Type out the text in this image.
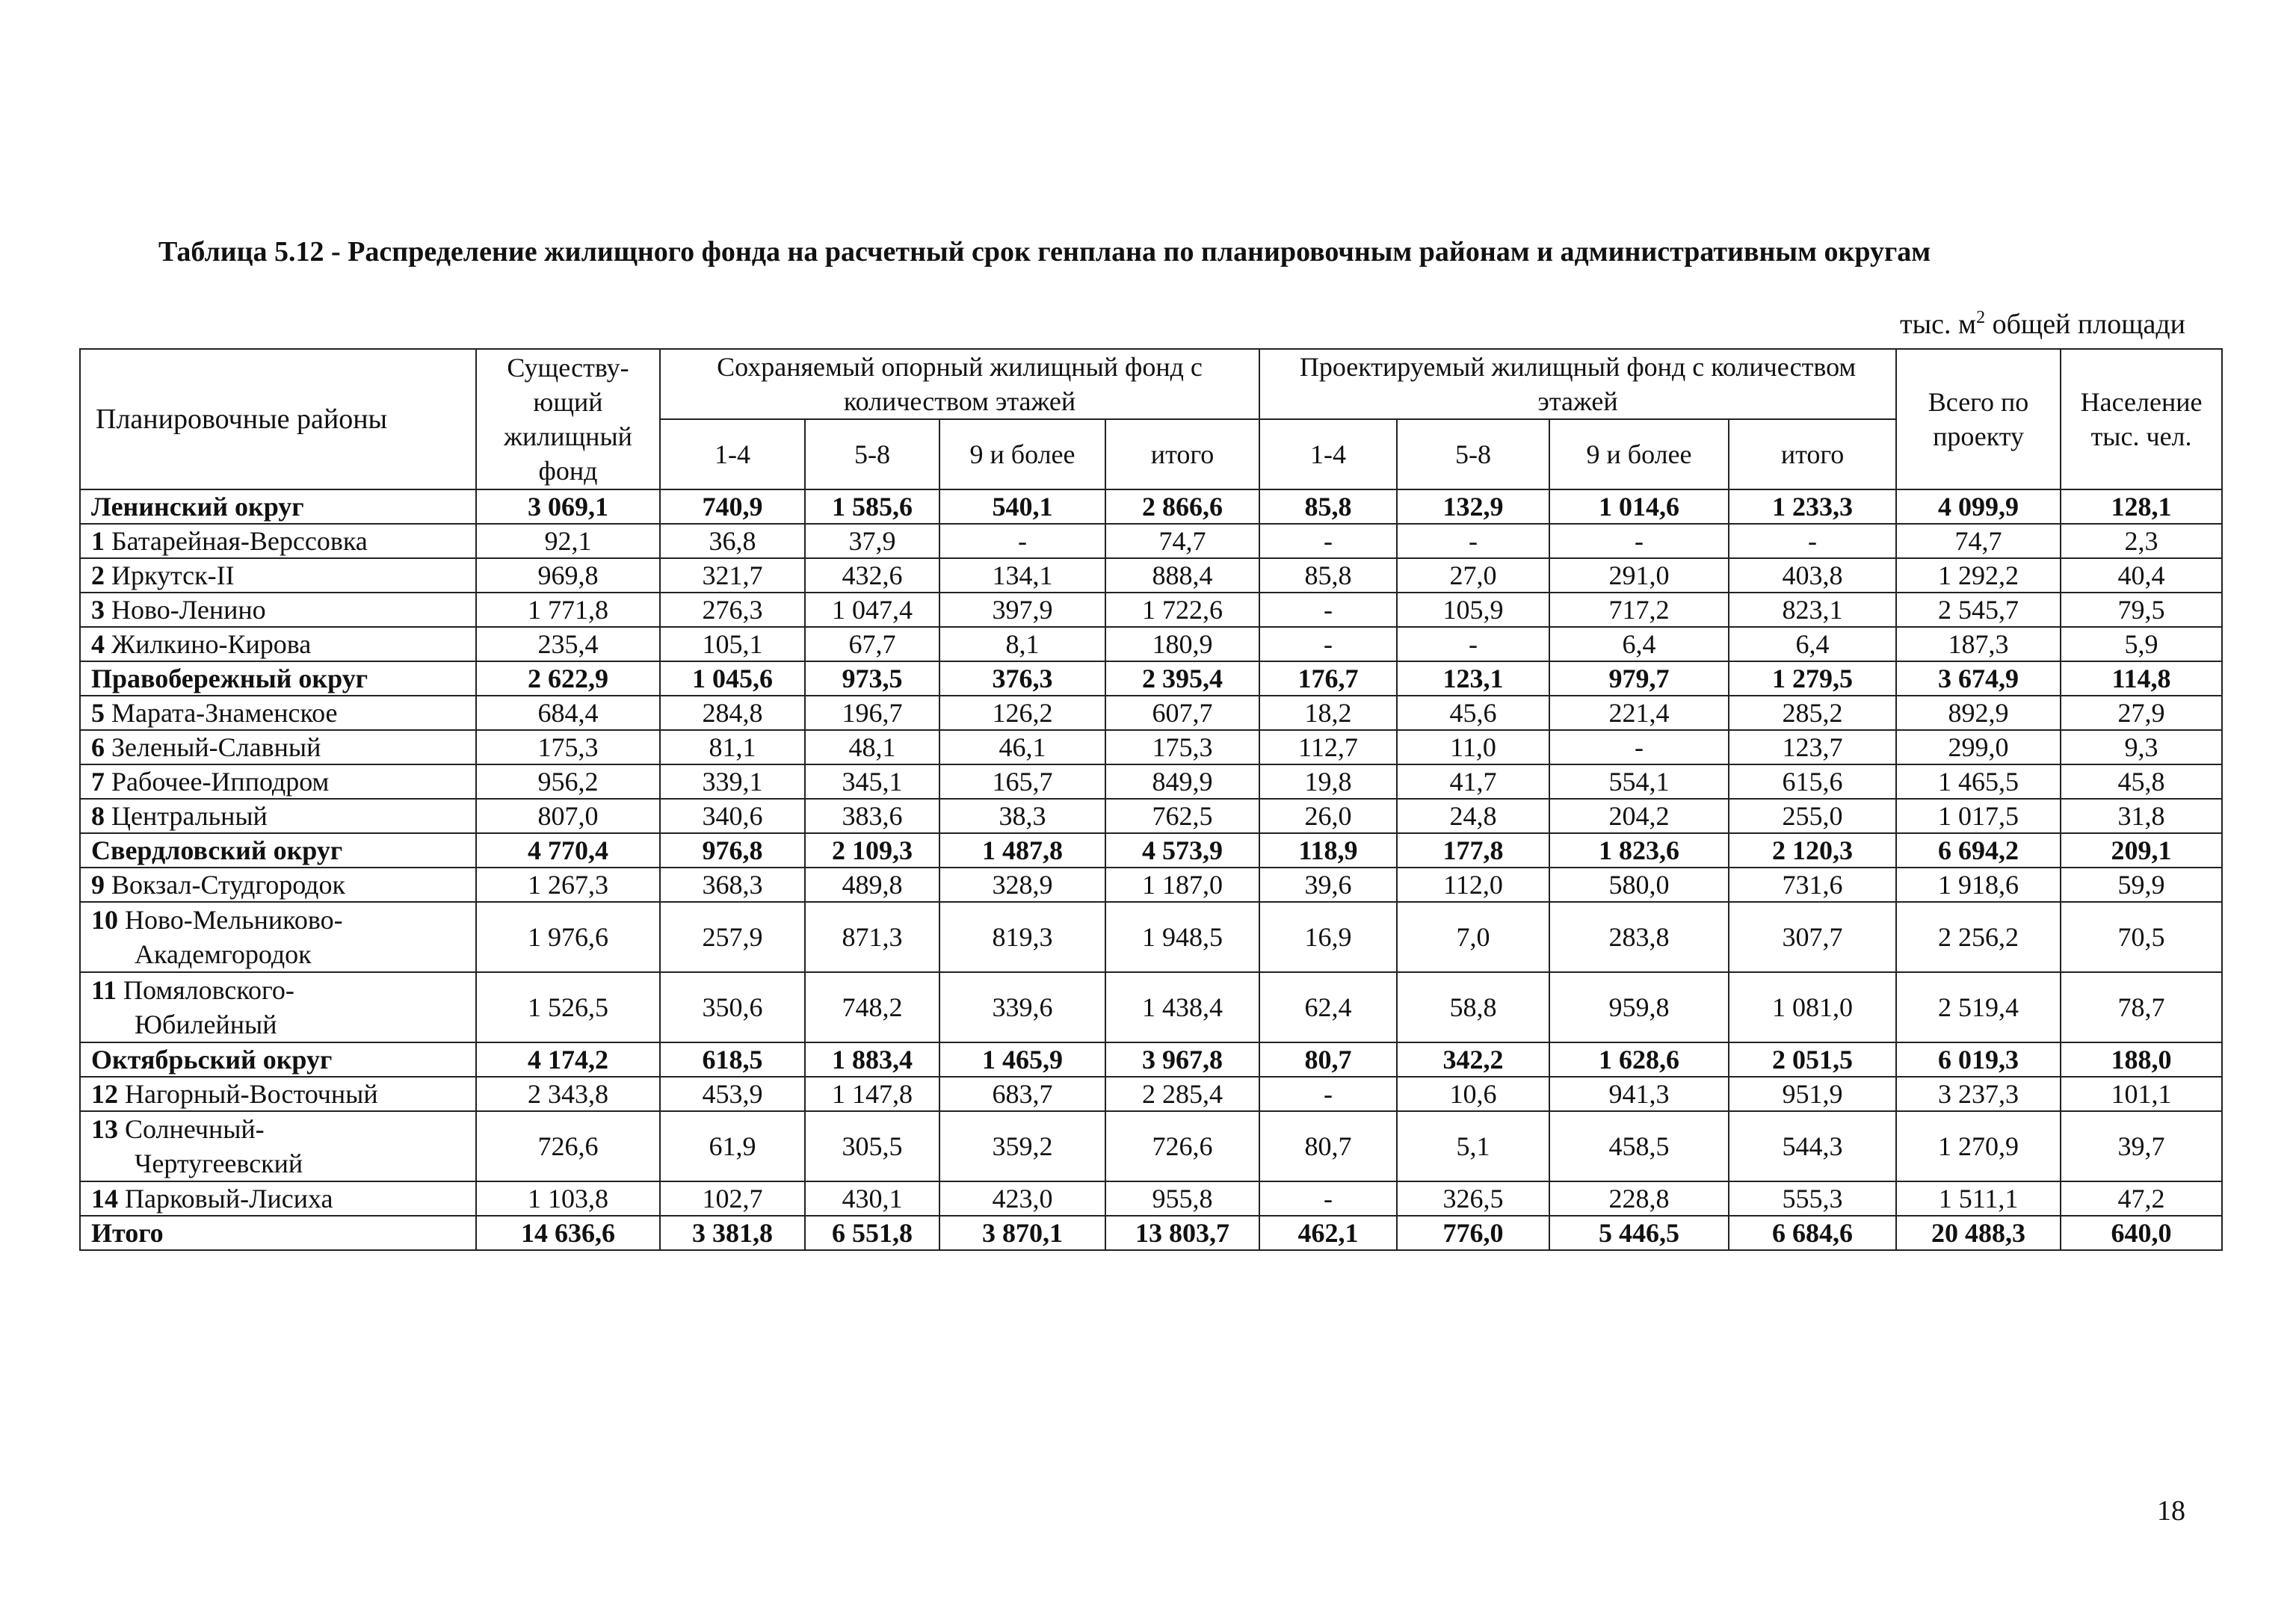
Таблица 5.12 - Распределение жилищного фонда на расчетный срок генплана по планировочным районам и административным округам
тыс. $м^2$ общей площади
Планировочные районы	Существу-ющий жилищный фонд	Сохраняемый опорный жилищный фонд с количеством этажей				Проектируемый жилищный фонд с количеством этажей				Всего по проекту	Население тыс. чел.
		1-4	5-8	9 и более	итого	1-4	5-8	9 и более	итого		
Ленинский округ	3 069,1	740,9	1 585,6	540,1	2 866,6	85,8	132,9	1 014,6	1 233,3	4 099,9	128,1
1 Батарейная-Верссовка	92,1	36,8	37,9	-	74,7	-	-	-	-	74,7	2,3
2 Иркутск-II	969,8	321,7	432,6	134,1	888,4	85,8	27,0	291,0	403,8	1 292,2	40,4
3 Ново-Ленино	1 771,8	276,3	1 047,4	397,9	1 722,6	-	105,9	717,2	823,1	2 545,7	79,5
4 Жилкино-Кирова	235,4	105,1	67,7	8,1	180,9	-	-	6,4	6,4	187,3	5,9
Правобережный округ	2 622,9	1 045,6	973,5	376,3	2 395,4	176,7	123,1	979,7	1 279,5	3 674,9	114,8
5 Марата-Знаменское	684,4	284,8	196,7	126,2	607,7	18,2	45,6	221,4	285,2	892,9	27,9
6 Зеленый-Славный	175,3	81,1	48,1	46,1	175,3	112,7	11,0	-	123,7	299,0	9,3
7 Рабочее-Ипподром	956,2	339,1	345,1	165,7	849,9	19,8	41,7	554,1	615,6	1 465,5	45,8
8 Центральный	807,0	340,6	383,6	38,3	762,5	26,0	24,8	204,2	255,0	1 017,5	31,8
Свердловский округ	4 770,4	976,8	2 109,3	1 487,8	4 573,9	118,9	177,8	1 823,6	2 120,3	6 694,2	209,1
9 Вокзал-Студгородок	1 267,3	368,3	489,8	328,9	1 187,0	39,6	112,0	580,0	731,6	1 918,6	59,9
10 Ново-Мельниково-
Академгородок	1 976,6	257,9	871,3	819,3	1 948,5	16,9	7,0	283,8	307,7	2 256,2	70,5
11 Помяловского-
Юбилейный	1 526,5	350,6	748,2	339,6	1 438,4	62,4	58,8	959,8	1 081,0	2 519,4	78,7
Октябрьский округ	4 174,2	618,5	1 883,4	1 465,9	3 967,8	80,7	342,2	1 628,6	2 051,5	6 019,3	188,0
12 Нагорный-Восточный	2 343,8	453,9	1 147,8	683,7	2 285,4	-	10,6	941,3	951,9	3 237,3	101,1
13 Солнечный-
Чертугеевский	726,6	61,9	305,5	359,2	726,6	80,7	5,1	458,5	544,3	1 270,9	39,7
14 Парковый-Лисиха	1 103,8	102,7	430,1	423,0	955,8	-	326,5	228,8	555,3	1 511,1	47,2
Итого	14 636,6	3 381,8	6 551,8	3 870,1	13 803,7	462,1	776,0	5 446,5	6 684,6	20 488,3	640,0
18
